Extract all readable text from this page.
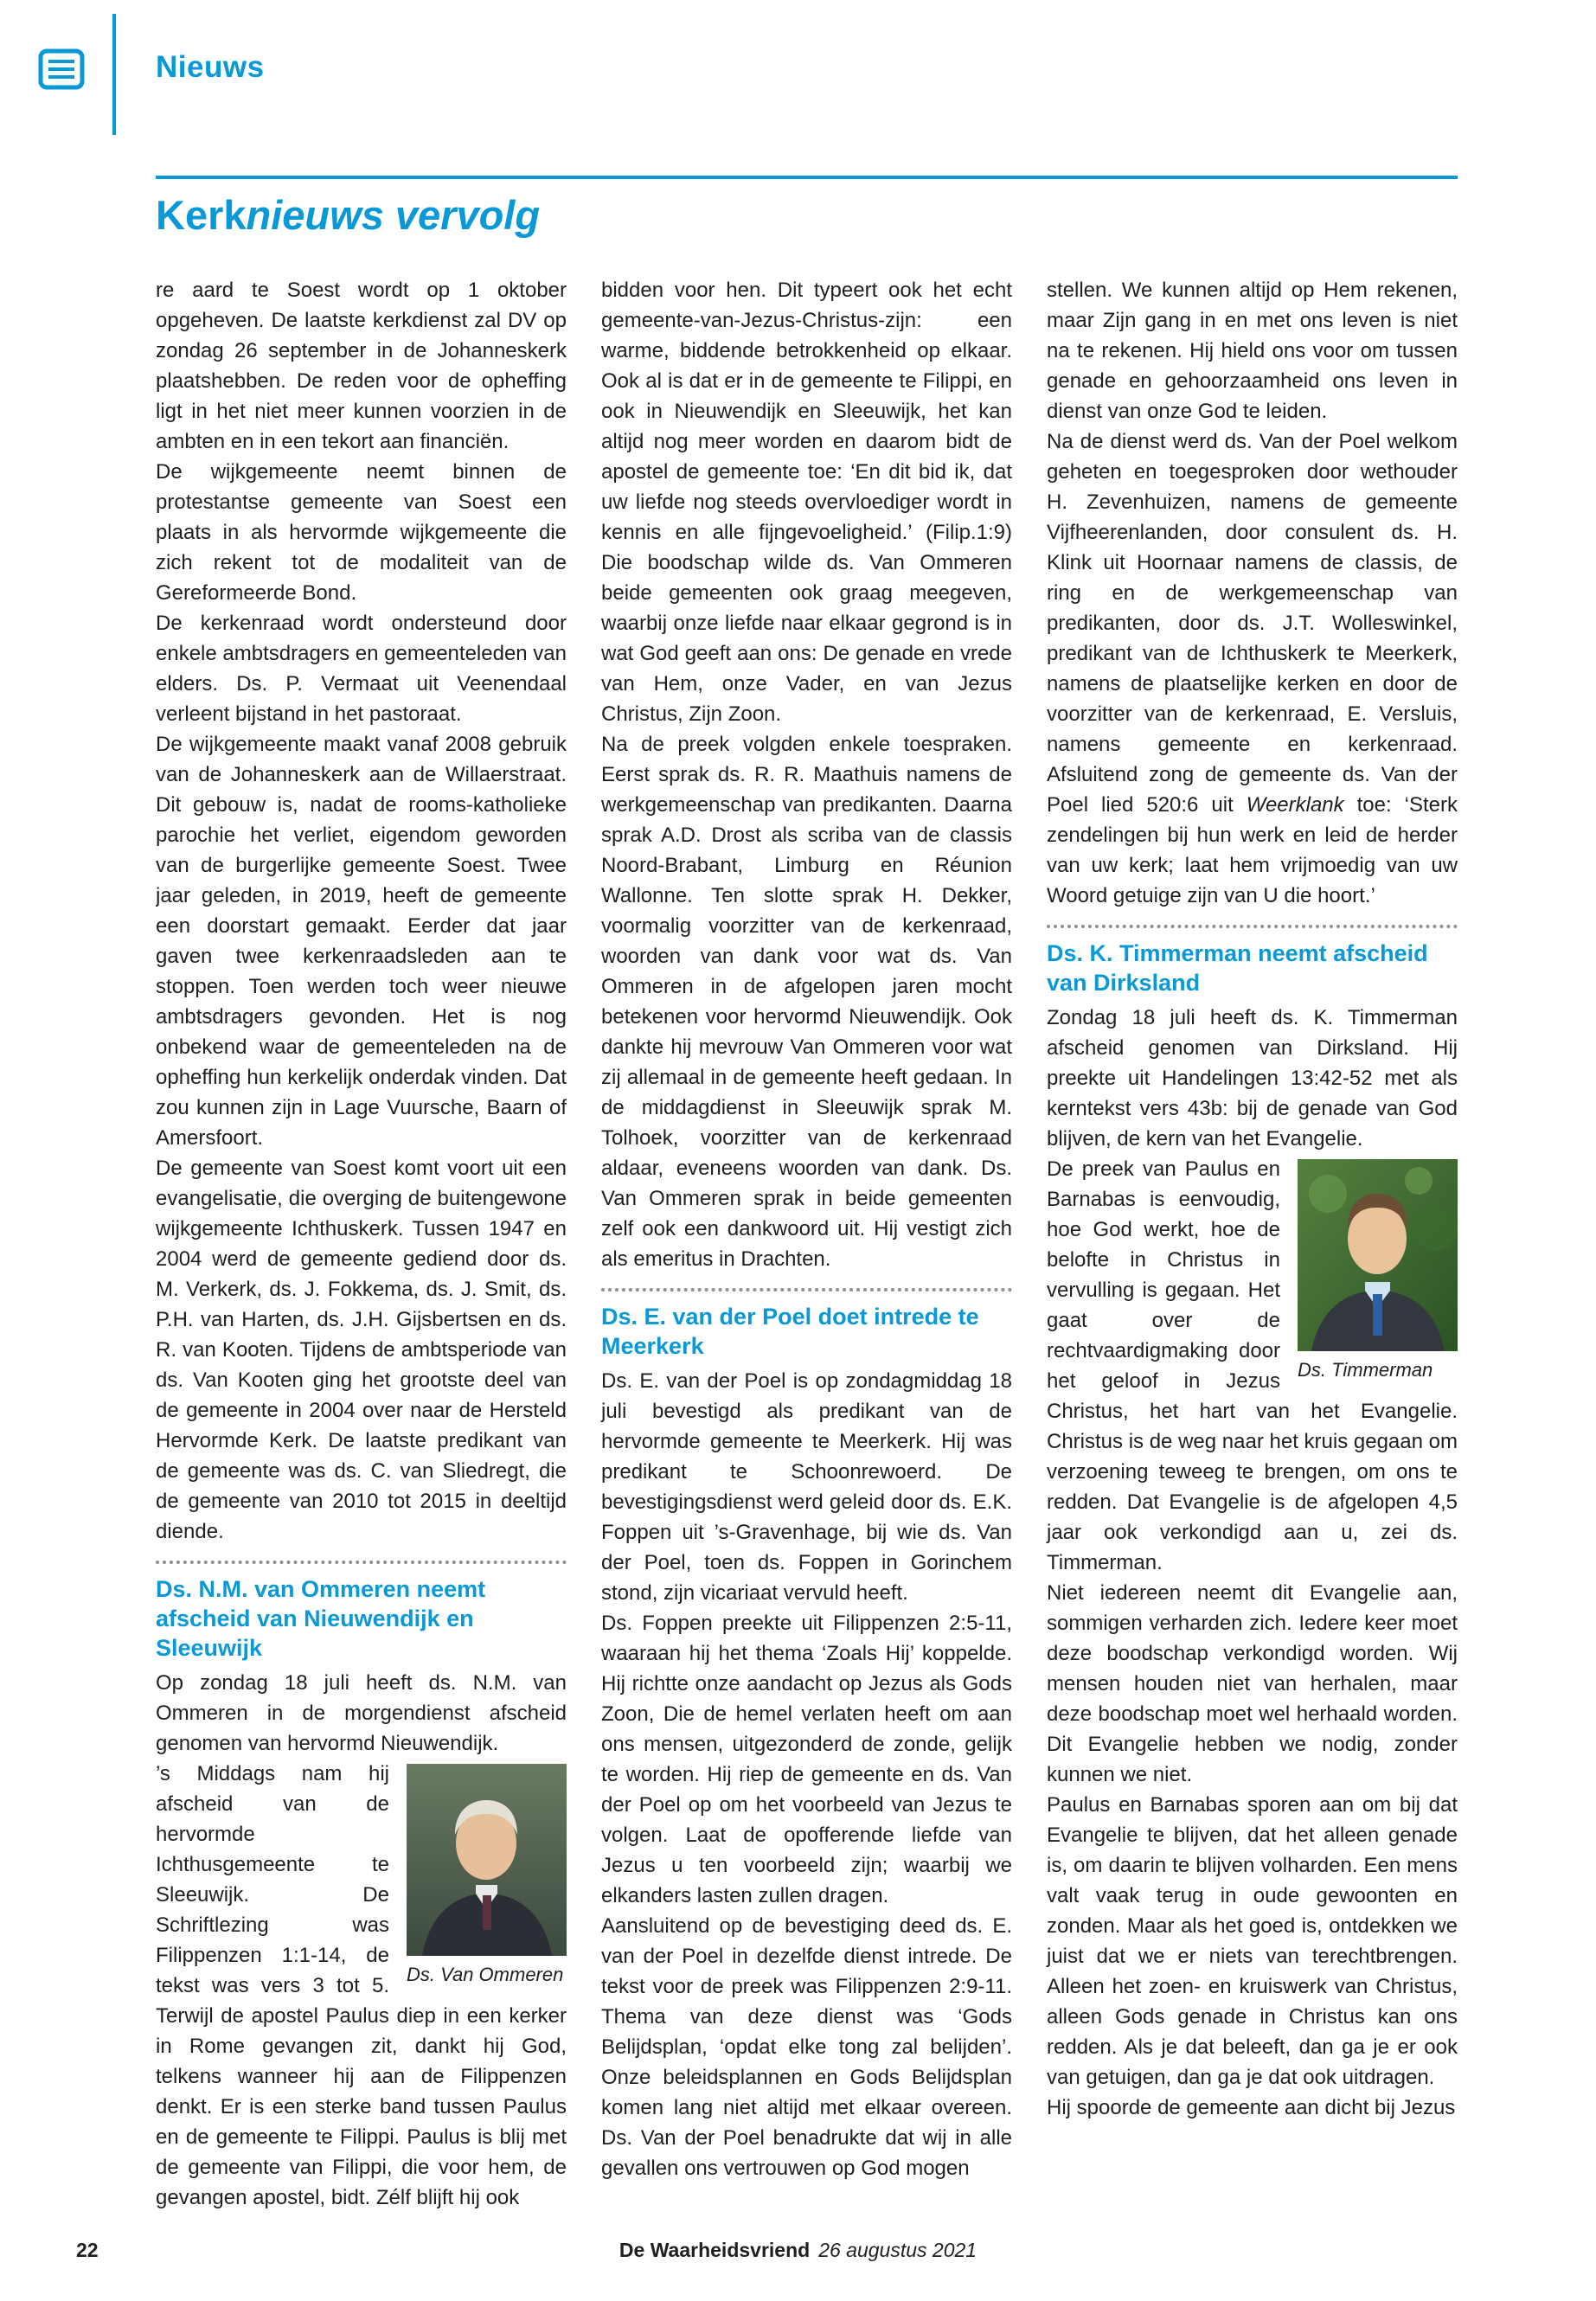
Nieuws
Kerknieuws vervolg

re aard te Soest wordt op 1 oktober opgeheven. De laatste kerkdienst zal DV op zondag 26 september in de Johanneskerk plaatshebben. De reden voor de opheffing ligt in het niet meer kunnen voorzien in de ambten en in een tekort aan financiën.

De wijkgemeente neemt binnen de protestantse gemeente van Soest een plaats in als hervormde wijkgemeente die zich rekent tot de modaliteit van de Gereformeerde Bond.

De kerkenraad wordt ondersteund door enkele ambtsdragers en gemeenteleden van elders. Ds. P. Vermaat uit Veenendaal verleent bijstand in het pastoraat.

De wijkgemeente maakt vanaf 2008 gebruik van de Johanneskerk aan de Willaerstraat. Dit gebouw is, nadat de rooms-katholieke parochie het verliet, eigendom geworden van de burgerlijke gemeente Soest. Twee jaar geleden, in 2019, heeft de gemeente een doorstart gemaakt. Eerder dat jaar gaven twee kerkenraadsleden aan te stoppen. Toen werden toch weer nieuwe ambtsdragers gevonden. Het is nog onbekend waar de gemeenteleden na de opheffing hun kerkelijk onderdak vinden. Dat zou kunnen zijn in Lage Vuursche, Baarn of Amersfoort.

De gemeente van Soest komt voort uit een evangelisatie, die overging de buitengewone wijkgemeente Ichthuskerk. Tussen 1947 en 2004 werd de gemeente gediend door ds. M. Verkerk, ds. J. Fokkema, ds. J. Smit, ds. P.H. van Harten, ds. J.H. Gijsbertsen en ds. R. van Kooten. Tijdens de ambtsperiode van ds. Van Kooten ging het grootste deel van de gemeente in 2004 over naar de Hersteld Hervormde Kerk. De laatste predikant van de gemeente was ds. C. van Sliedregt, die de gemeente van 2010 tot 2015 in deeltijd diende.

Ds. N.M. van Ommeren neemt afscheid van Nieuwendijk en Sleeuwijk

Op zondag 18 juli heeft ds. N.M. van Ommeren in de morgendienst afscheid genomen van hervormd Nieuwendijk.

Ds. Van Ommeren

’s Middags nam hij afscheid van de hervormde Ichthusgemeente te Sleeuwijk. De Schriftlezing was Filippenzen 1:1-14, de tekst was vers 3 tot 5. Terwijl de apostel Paulus diep in een kerker in Rome gevangen zit, dankt hij God, telkens wanneer hij aan de Filippenzen denkt. Er is een sterke band tussen Paulus en de gemeente te Filippi. Paulus is blij met de gemeente van Filippi, die voor hem, de gevangen apostel, bidt. Zélf blijft hij ook

bidden voor hen. Dit typeert ook het echt gemeente-van-Jezus-Christus-zijn: een warme, biddende betrokkenheid op elkaar. Ook al is dat er in de gemeente te Filippi, en ook in Nieuwendijk en Sleeuwijk, het kan altijd nog meer worden en daarom bidt de apostel de gemeente toe: ‘En dit bid ik, dat uw liefde nog steeds overvloediger wordt in kennis en alle fijngevoeligheid.’ (Filip.1:9) Die boodschap wilde ds. Van Ommeren beide gemeenten ook graag meegeven, waarbij onze liefde naar elkaar gegrond is in wat God geeft aan ons: De genade en vrede van Hem, onze Vader, en van Jezus Christus, Zijn Zoon.

Na de preek volgden enkele toespraken. Eerst sprak ds. R. R. Maathuis namens de werkgemeenschap van predikanten. Daarna sprak A.D. Drost als scriba van de classis Noord-Brabant, Limburg en Réunion Wallonne. Ten slotte sprak H. Dekker, voormalig voorzitter van de kerkenraad, woorden van dank voor wat ds. Van Ommeren in de afgelopen jaren mocht betekenen voor hervormd Nieuwendijk. Ook dankte hij mevrouw Van Ommeren voor wat zij allemaal in de gemeente heeft gedaan. In de middagdienst in Sleeuwijk sprak M. Tolhoek, voorzitter van de kerkenraad aldaar, eveneens woorden van dank. Ds. Van Ommeren sprak in beide gemeenten zelf ook een dankwoord uit. Hij vestigt zich als emeritus in Drachten.

Ds. E. van der Poel doet intrede te Meerkerk

Ds. E. van der Poel is op zondagmiddag 18 juli bevestigd als predikant van de hervormde gemeente te Meerkerk. Hij was predikant te Schoonrewoerd. De bevestigingsdienst werd geleid door ds. E.K. Foppen uit ’s-Gravenhage, bij wie ds. Van der Poel, toen ds. Foppen in Gorinchem stond, zijn vicariaat vervuld heeft.

Ds. Foppen preekte uit Filippenzen 2:5-11, waaraan hij het thema ‘Zoals Hij’ koppelde. Hij richtte onze aandacht op Jezus als Gods Zoon, Die de hemel verlaten heeft om aan ons mensen, uitgezonderd de zonde, gelijk te worden. Hij riep de gemeente en ds. Van der Poel op om het voorbeeld van Jezus te volgen. Laat de opofferende liefde van Jezus u ten voorbeeld zijn; waarbij we elkanders lasten zullen dragen.

Aansluitend op de bevestiging deed ds. E. van der Poel in dezelfde dienst intrede. De tekst voor de preek was Filippenzen 2:9-11. Thema van deze dienst was ‘Gods Belijdsplan, ‘opdat elke tong zal belijden’. Onze beleidsplannen en Gods Belijdsplan komen lang niet altijd met elkaar overeen. Ds. Van der Poel benadrukte dat wij in alle gevallen ons vertrouwen op God mogen

stellen. We kunnen altijd op Hem rekenen, maar Zijn gang in en met ons leven is niet na te rekenen. Hij hield ons voor om tussen genade en gehoorzaamheid ons leven in dienst van onze God te leiden.

Na de dienst werd ds. Van der Poel welkom geheten en toegesproken door wethouder H. Zevenhuizen, namens de gemeente Vijfheerenlanden, door consulent ds. H. Klink uit Hoornaar namens de classis, de ring en de werkgemeenschap van predikanten, door ds. J.T. Wolleswinkel, predikant van de Ichthuskerk te Meerkerk, namens de plaatselijke kerken en door de voorzitter van de kerkenraad, E. Versluis, namens gemeente en kerkenraad. Afsluitend zong de gemeente ds. Van der Poel lied 520:6 uit Weerklank toe: ‘Sterk zendelingen bij hun werk en leid de herder van uw kerk; laat hem vrijmoedig van uw Woord getuige zijn van U die hoort.’

Ds. K. Timmerman neemt afscheid van Dirksland

Zondag 18 juli heeft ds. K. Timmerman afscheid genomen van Dirksland. Hij preekte uit Handelingen 13:42-52 met als kerntekst vers 43b: bij de genade van God blijven, de kern van het Evangelie.

Ds. Timmerman

De preek van Paulus en Barnabas is eenvoudig, hoe God werkt, hoe de belofte in Christus in vervulling is gegaan. Het gaat over de rechtvaardigmaking door het geloof in Jezus Christus, het hart van het Evangelie. Christus is de weg naar het kruis gegaan om verzoening teweeg te brengen, om ons te redden. Dat Evangelie is de afgelopen 4,5 jaar ook verkondigd aan u, zei ds. Timmerman.

Niet iedereen neemt dit Evangelie aan, sommigen verharden zich. Iedere keer moet deze boodschap verkondigd worden. Wij mensen houden niet van herhalen, maar deze boodschap moet wel herhaald worden. Dit Evangelie hebben we nodig, zonder kunnen we niet.

Paulus en Barnabas sporen aan om bij dat Evangelie te blijven, dat het alleen genade is, om daarin te blijven volharden. Een mens valt vaak terug in oude gewoonten en zonden. Maar als het goed is, ontdekken we juist dat we er niets van terechtbrengen. Alleen het zoen- en kruiswerk van Christus, alleen Gods genade in Christus kan ons redden. Als je dat beleeft, dan ga je er ook van getuigen, dan ga je dat ook uitdragen.

Hij spoorde de gemeente aan dicht bij Jezus

22	De Waarheidsvriend 26 augustus 2021
